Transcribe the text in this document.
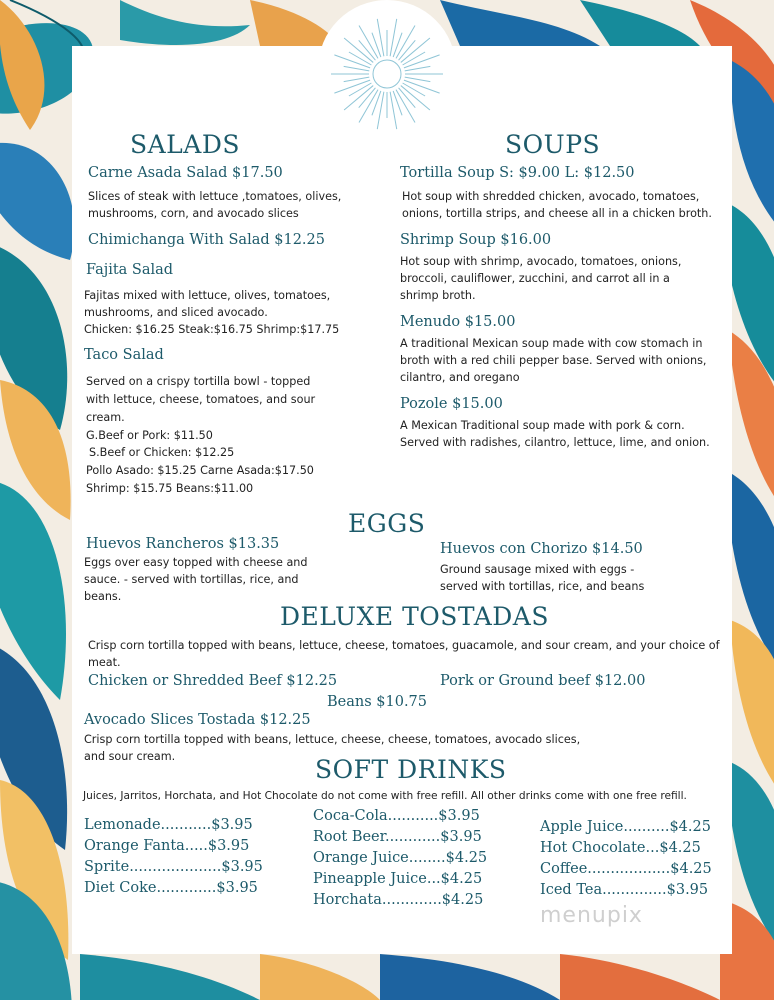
SALADS
Carne Asada Salad $17.50
Slices of steak with lettuce ,tomatoes, olives,
mushrooms, corn, and avocado slices
Chimichanga With Salad $12.25
Fajita Salad
Fajitas mixed with lettuce, olives, tomatoes,
mushrooms, and sliced avocado.
Chicken: $16.25 Steak:$16.75 Shrimp:$17.75
Taco Salad
Served on a crispy tortilla bowl - topped
with lettuce, cheese, tomatoes, and sour
cream.
G.Beef or Pork: $11.50
S.Beef or Chicken: $12.25
Pollo Asado: $15.25 Carne Asada:$17.50
Shrimp: $15.75 Beans:$11.00
SOUPS
Tortilla Soup S: $9.00 L: $12.50
Hot soup with shredded chicken, avocado, tomatoes,
onions, tortilla strips, and cheese all in a chicken broth.
Shrimp Soup $16.00
Hot soup with shrimp, avocado, tomatoes, onions,
broccoli, cauliflower, zucchini, and carrot all in a
shrimp broth.
Menudo $15.00
A traditional Mexican soup made with cow stomach in
broth with a red chili pepper base. Served with onions,
cilantro, and oregano
Pozole $15.00
A Mexican Traditional soup made with pork & corn.
Served with radishes, cilantro, lettuce, lime, and onion.
EGGS
Huevos Rancheros $13.35
Eggs over easy topped with cheese and
sauce. - served with tortillas, rice, and
beans.
Huevos con Chorizo $14.50
Ground sausage mixed with eggs -
served with tortillas, rice, and beans
DELUXE TOSTADAS
Crisp corn tortilla topped with beans, lettuce, cheese, tomatoes, guacamole, and sour cream, and your choice of
meat.
Chicken or Shredded Beef $12.25	Pork or Ground beef $12.00
Beans $10.75
Avocado Slices Tostada $12.25
Crisp corn tortilla topped with beans, lettuce, cheese, cheese, tomatoes, avocado slices,
and sour cream.	SOFT DRINKS
Juices, Jarritos, Horchata, and Hot Chocolate do not come with free refill. All other drinks come with one free refill.
Lemonade...........$3.95
Orange Fanta.....$3.95
Sprite....................$3.95
Diet Coke.............$3.95
Coca-Cola...........$3.95
Root Beer............$3.95
Orange Juice........$4.25
Pineapple Juice...$4.25
Horchata.............$4.25
Apple Juice..........$4.25
Hot Chocolate...$4.25
Coffee..................$4.25
Iced Tea..............$3.95
menupix
